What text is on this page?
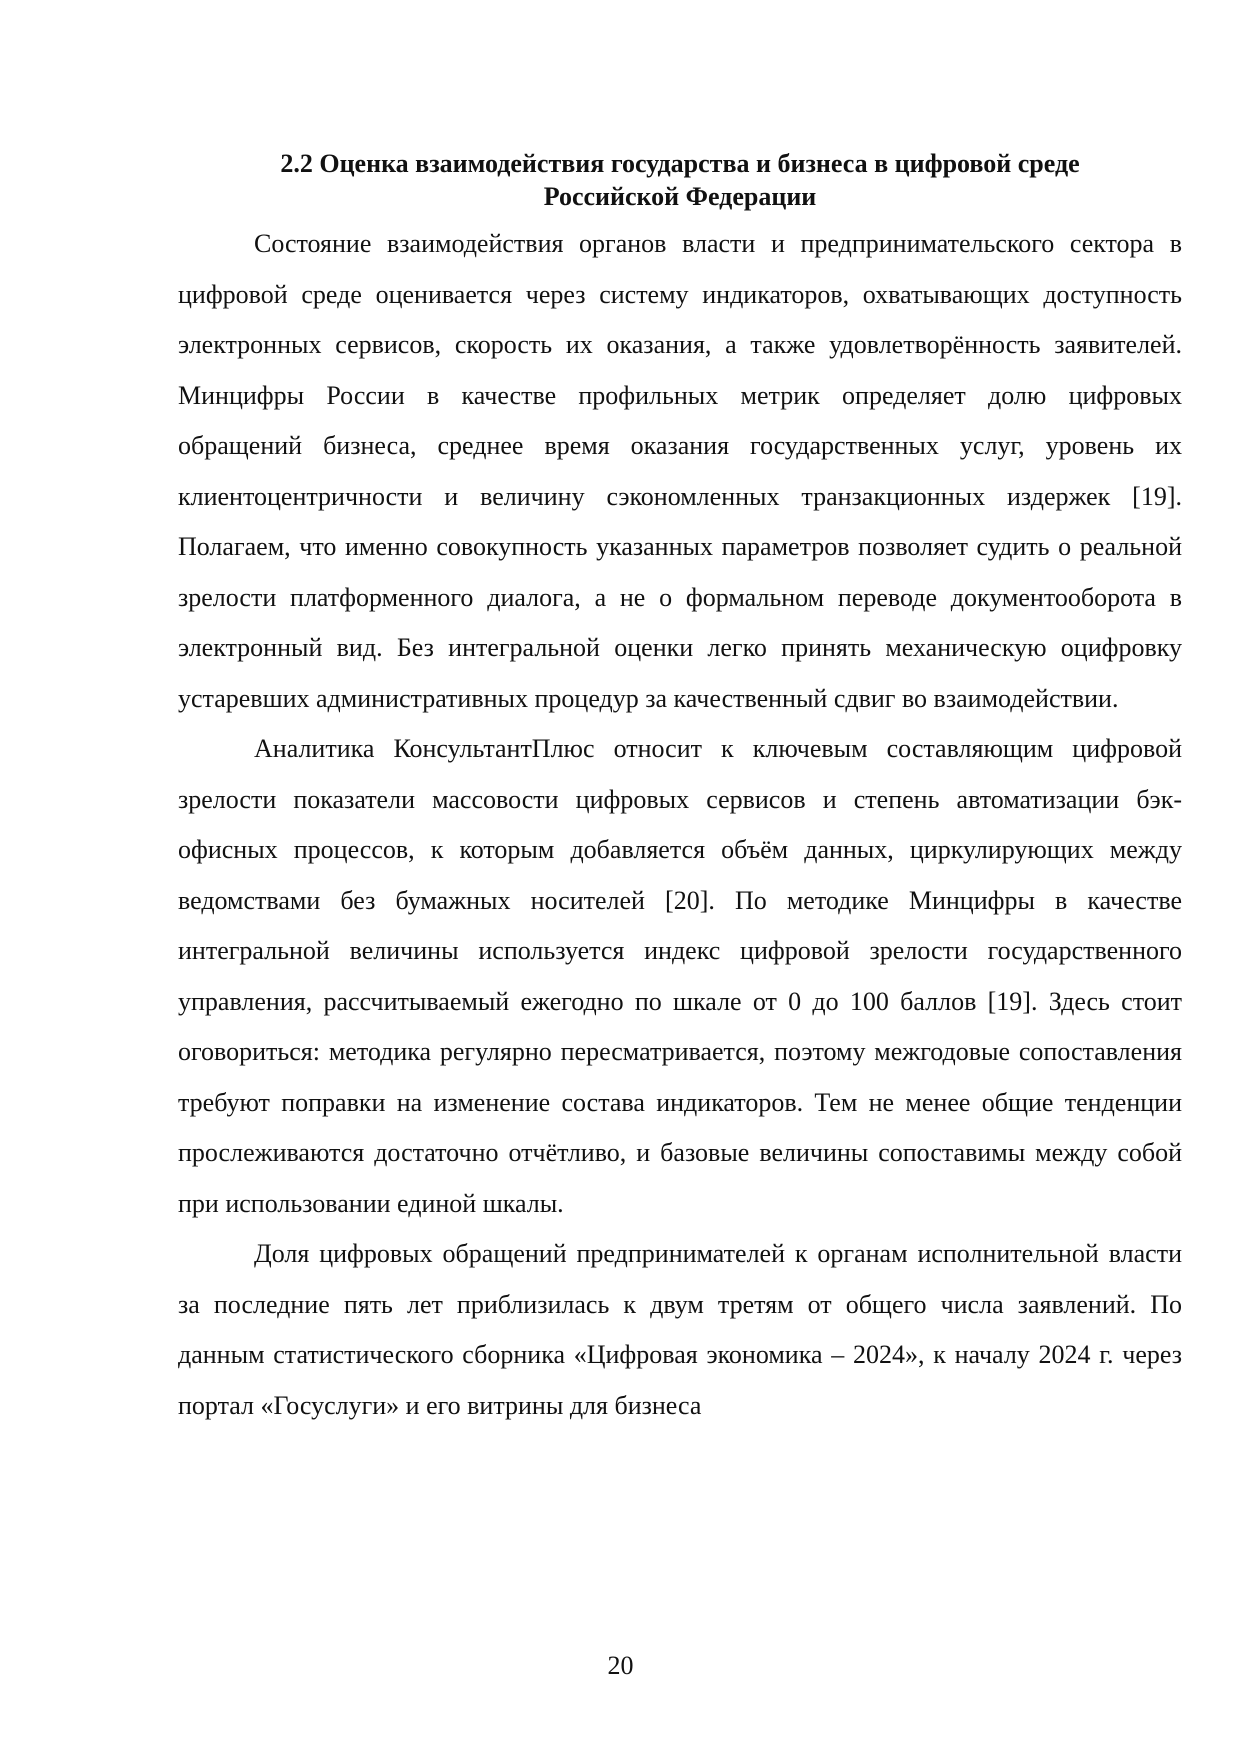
2.2 Оценка взаимодействия государства и бизнеса в цифровой среде
Российской Федерации

Состояние взаимодействия органов власти и предпринимательского сектора в цифровой среде оценивается через систему индикаторов, охватывающих доступность электронных сервисов, скорость их оказания, а также удовлетворённость заявителей. Минцифры России в качестве профильных метрик определяет долю цифровых обращений бизнеса, среднее время оказания государственных услуг, уровень их клиентоцентричности и величину сэкономленных транзакционных издержек [19]. Полагаем, что именно совокупность указанных параметров позволяет судить о реальной зрелости платформенного диалога, а не о формальном переводе документооборота в электронный вид. Без интегральной оценки легко принять механическую оцифровку устаревших административных процедур за качественный сдвиг во взаимодействии.

Аналитика КонсультантПлюс относит к ключевым составляющим цифровой зрелости показатели массовости цифровых сервисов и степень автоматизации бэк-офисных процессов, к которым добавляется объём данных, циркулирующих между ведомствами без бумажных носителей [20]. По методике Минцифры в качестве интегральной величины используется индекс цифровой зрелости государственного управления, рассчитываемый ежегодно по шкале от 0 до 100 баллов [19]. Здесь стоит оговориться: методика регулярно пересматривается, поэтому межгодовые сопоставления требуют поправки на изменение состава индикаторов. Тем не менее общие тенденции прослеживаются достаточно отчётливо, и базовые величины сопоставимы между собой при использовании единой шкалы.

Доля цифровых обращений предпринимателей к органам исполнительной власти за последние пять лет приблизилась к двум третям от общего числа заявлений. По данным статистического сборника «Цифровая экономика – 2024», к началу 2024 г. через портал «Госуслуги» и его витрины для бизнеса

20
